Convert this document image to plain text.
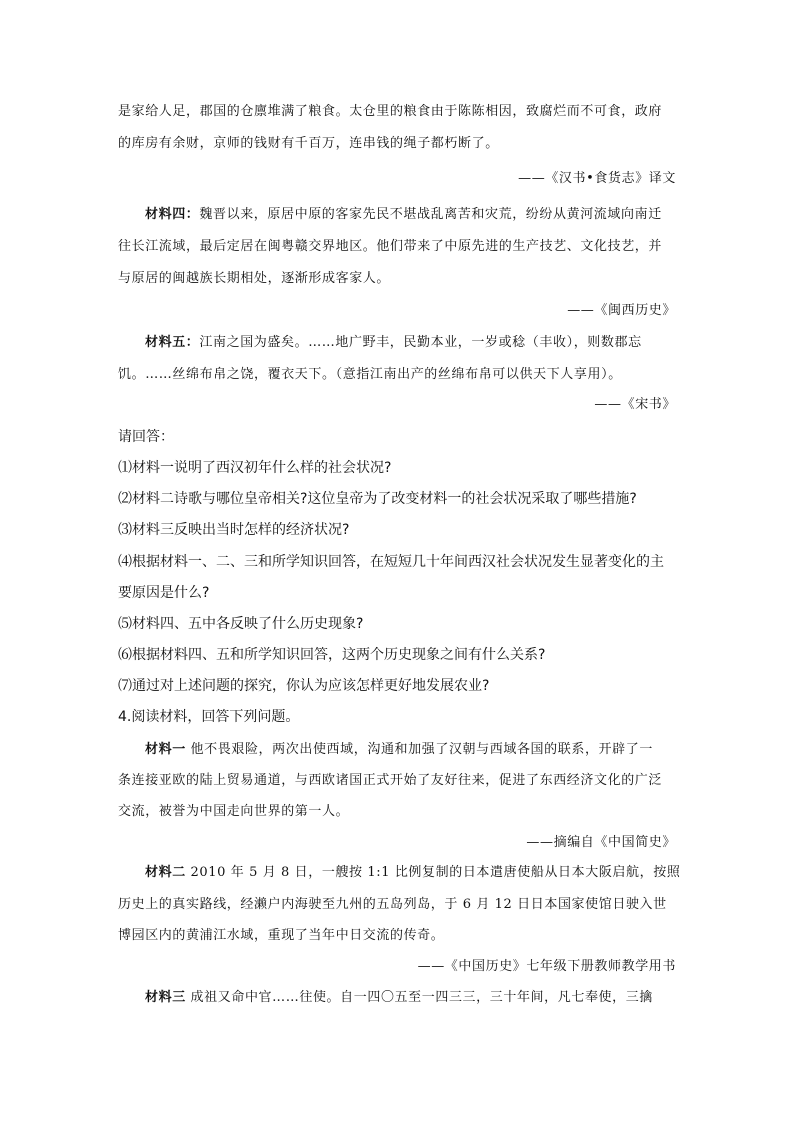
是家给人足，郡国的仓廪堆满了粮食。太仓里的粮食由于陈陈相因，致腐烂而不可食，政府
的库房有余财，京师的钱财有千百万，连串钱的绳子都朽断了。
——《汉书•食货志》译文
材料四：魏晋以来，原居中原的客家先民不堪战乱离苦和灾荒，纷纷从黄河流域向南迁
往长江流域，最后定居在闽粤赣交界地区。他们带来了中原先进的生产技艺、文化技艺，并
与原居的闽越族长期相处，逐渐形成客家人。
——《闽西历史》
材料五：江南之国为盛矣。……地广野丰，民勤本业，一岁或稔（丰收），则数郡忘
饥。……丝绵布帛之饶，覆衣天下。（意指江南出产的丝绵布帛可以供天下人享用）。
——《宋书》
请回答：
⑴材料一说明了西汉初年什么样的社会状况?
⑵材料二诗歌与哪位皇帝相关?这位皇帝为了改变材料一的社会状况采取了哪些措施?
⑶材料三反映出当时怎样的经济状况?
⑷根据材料一、二、三和所学知识回答，在短短几十年间西汉社会状况发生显著变化的主
要原因是什么?
⑸材料四、五中各反映了什么历史现象?
⑹根据材料四、五和所学知识回答，这两个历史现象之间有什么关系?
⑺通过对上述问题的探究，你认为应该怎样更好地发展农业?
4.阅读材料，回答下列问题。
材料一 他不畏艰险，两次出使西域，沟通和加强了汉朝与西域各国的联系，开辟了一
条连接亚欧的陆上贸易通道，与西欧诸国正式开始了友好往来，促进了东西经济文化的广泛
交流，被誉为中国走向世界的第一人。
——摘编自《中国简史》
材料二 2010 年 5 月 8 日，一艘按 1:1 比例复制的日本遣唐使船从日本大阪启航，按照
历史上的真实路线，经濑户内海驶至九州的五岛列岛，于 6 月 12 日日本国家使馆日驶入世
博园区内的黄浦江水域，重现了当年中日交流的传奇。
——《中国历史》七年级下册教师教学用书
材料三 成祖又命中官……往使。自一四〇五至一四三三，三十年间，凡七奉使，三擒
